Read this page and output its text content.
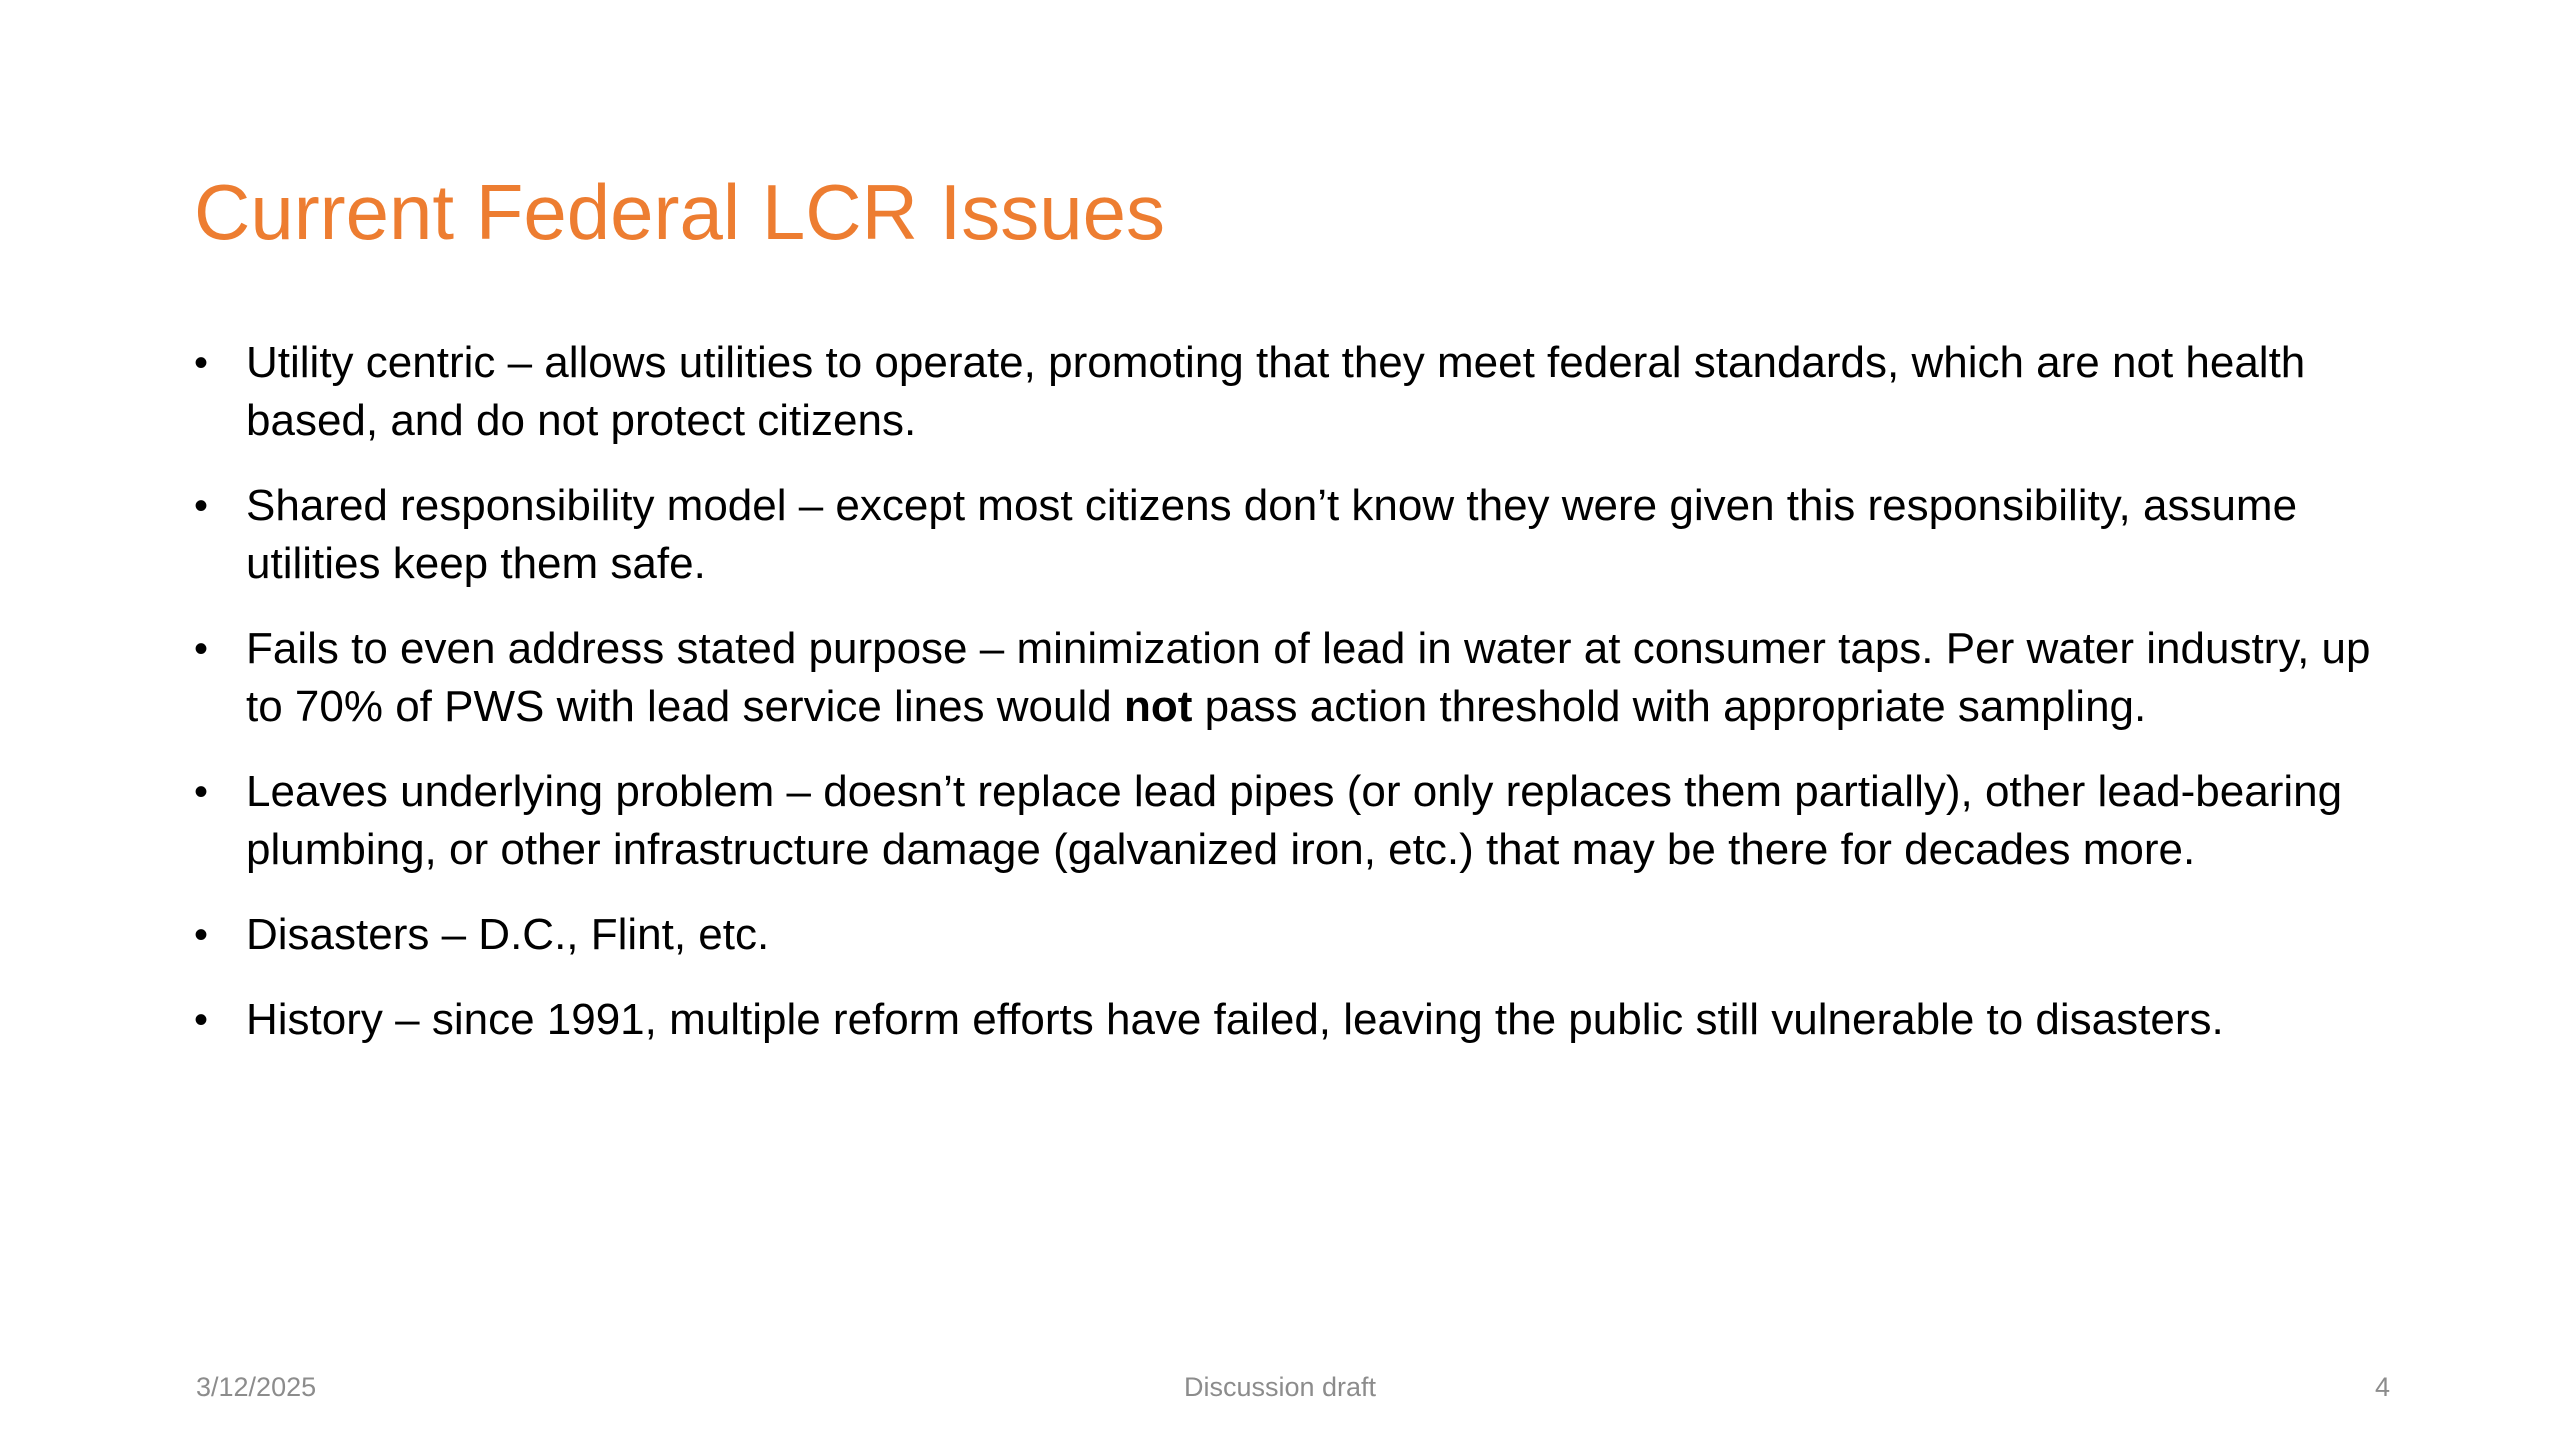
Current Federal LCR Issues
• Utility centric – allows utilities to operate, promoting that they meet federal standards, which are not health based, and do not protect citizens.
• Shared responsibility model – except most citizens don’t know they were given this responsibility, assume utilities keep them safe.
• Fails to even address stated purpose – minimization of lead in water at consumer taps. Per water industry, up to 70% of PWS with lead service lines would not pass action threshold with appropriate sampling.
• Leaves underlying problem – doesn’t replace lead pipes (or only replaces them partially), other lead-bearing plumbing, or other infrastructure damage (galvanized iron, etc.) that may be there for decades more.
• Disasters – D.C., Flint, etc.
• History – since 1991, multiple reform efforts have failed, leaving the public still vulnerable to disasters.
3/12/2025	Discussion draft	4
